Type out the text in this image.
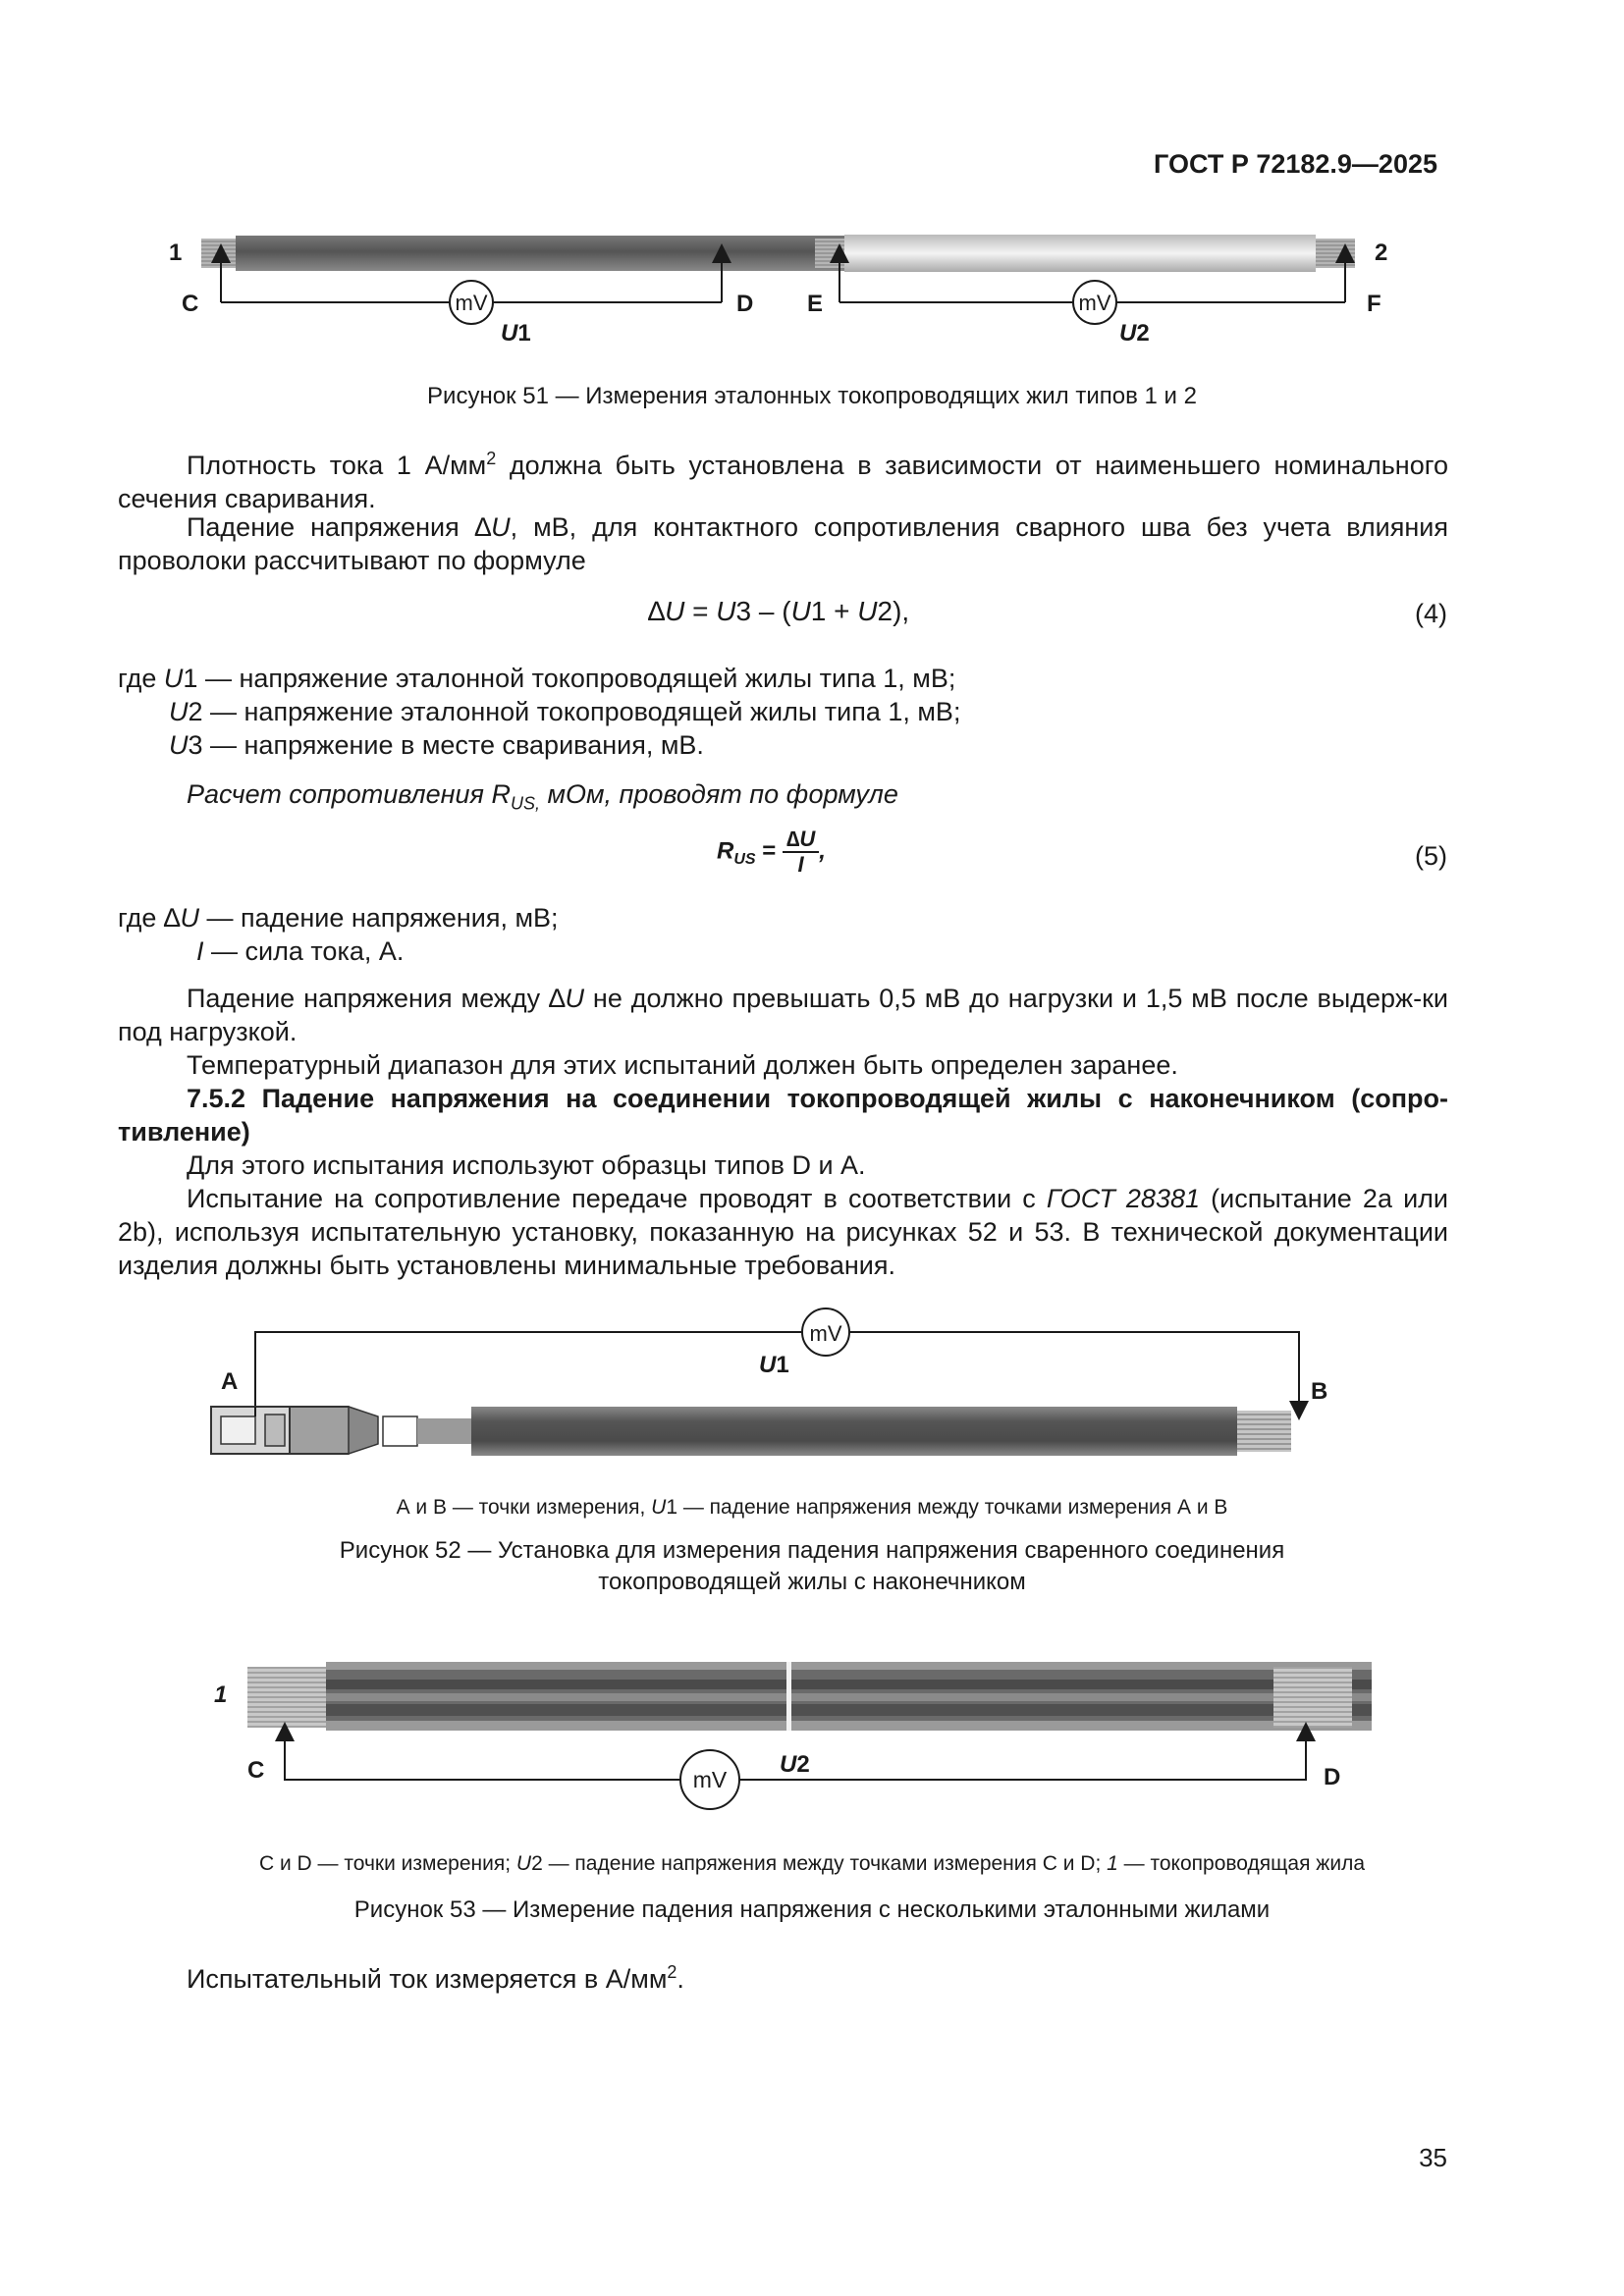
ГОСТ Р 72182.9—2025
1	2
mV
C	D
U1
mV
E	F
U2
Рисунок 51 — Измерения эталонных токопроводящих жил типов 1 и 2
Плотность тока 1 $А/мм^2$ должна быть установлена в зависимости от наименьшего номинального сечения сваривания.
Падение напряжения ∆U, мВ, для контактного сопротивления сварного шва без учета влияния проволоки рассчитывают по формуле
∆U = U3 – (U1 + U2),	(4)
где U1 — напряжение эталонной токопроводящей жилы типа 1, мВ;
U2 — напряжение эталонной токопроводящей жилы типа 1, мВ;
U3 — напряжение в месте сваривания, мВ.
Расчет сопротивления $R_{US,}$ мОм, проводят по формуле
$R_{US} = \frac{\Delta U}{I}$ ,	(5)
где ∆U — падение напряжения, мВ;
I — сила тока, А.
Падение напряжения между ∆U не должно превышать 0,5 мВ до нагрузки и 1,5 мВ после выдерж-ки под нагрузкой.
Температурный диапазон для этих испытаний должен быть определен заранее.
7.5.2 Падение напряжения на соединении токопроводящей жилы с наконечником (сопро-тивление)
Для этого испытания используют образцы типов D и А.
Испытание на сопротивление передаче проводят в соответствии с ГОСТ 28381 (испытание 2а или 2b), используя испытательную установку, показанную на рисунках 52 и 53. В технической документации изделия должны быть установлены минимальные требования.
mV
U1
A	B
А и В — точки измерения, U1 — падение напряжения между точками измерения А и В
Рисунок 52 — Установка для измерения падения напряжения сваренного соединения
токопроводящей жилы с наконечником
1
mV
U2
C	D
С и D — точки измерения; U2 — падение напряжения между точками измерения С и D; 1 — токопроводящая жила
Рисунок 53 — Измерение падения напряжения с несколькими эталонными жилами
Испытательный ток измеряется в $А/мм^2$.
35
